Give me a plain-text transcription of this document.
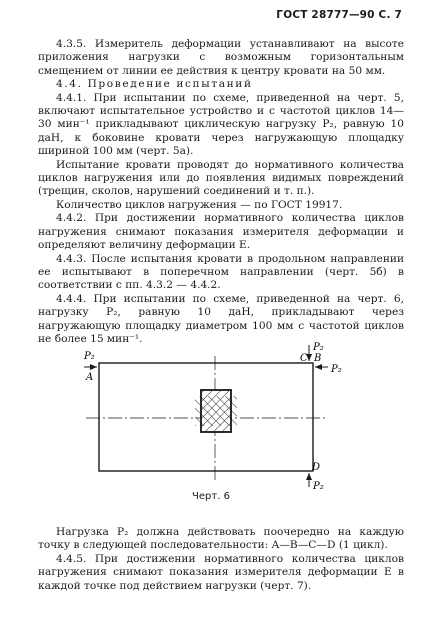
ГОСТ 28777—90 С. 7

4.3.5. Измеритель деформации устанавливают на высоте приложения нагрузки с возможным горизонтальным смещением от линии ее действия к центру кровати на 50 мм.

4.4. Проведение испытаний

4.4.1. При испытании по схеме, приведенной на черт. 5, включают испытательное устройство и с частотой циклов 14—30 мин⁻¹ прикладывают циклическую нагрузку P₂, равную 10 даН, к боковине кровати через нагружающую площадку шириной 100 мм (черт. 5а).

Испытание кровати проводят до нормативного количества циклов нагружения или до появления видимых повреждений (трещин, сколов, нарушений соединений и т. п.).

Количество циклов нагружения — по ГОСТ 19917.

4.4.2. При достижении нормативного количества циклов нагружения снимают показания измерителя деформации и определяют величину деформации E.

4.4.3. После испытания кровати в продольном направлении ее испытывают в поперечном направлении (черт. 5б) в соответствии с пп. 4.3.2 — 4.4.2.

4.4.4. При испытании по схеме, приведенной на черт. 6, нагрузку P₂, равную 10 даН, прикладывают через нагружающую площадку диаметром 100 мм с частотой циклов не более 15 мин⁻¹.

P₂
A
P₂
C B
P₂
D
P₂
Черт. 6

Нагрузка P₂ должна действовать поочередно на каждую точку в следующей последовательности: A—B—C—D (1 цикл).

4.4.5. При достижении нормативного количества циклов нагружения снимают показания измерителя деформации E в каждой точке под действием нагрузки (черт. 7).
